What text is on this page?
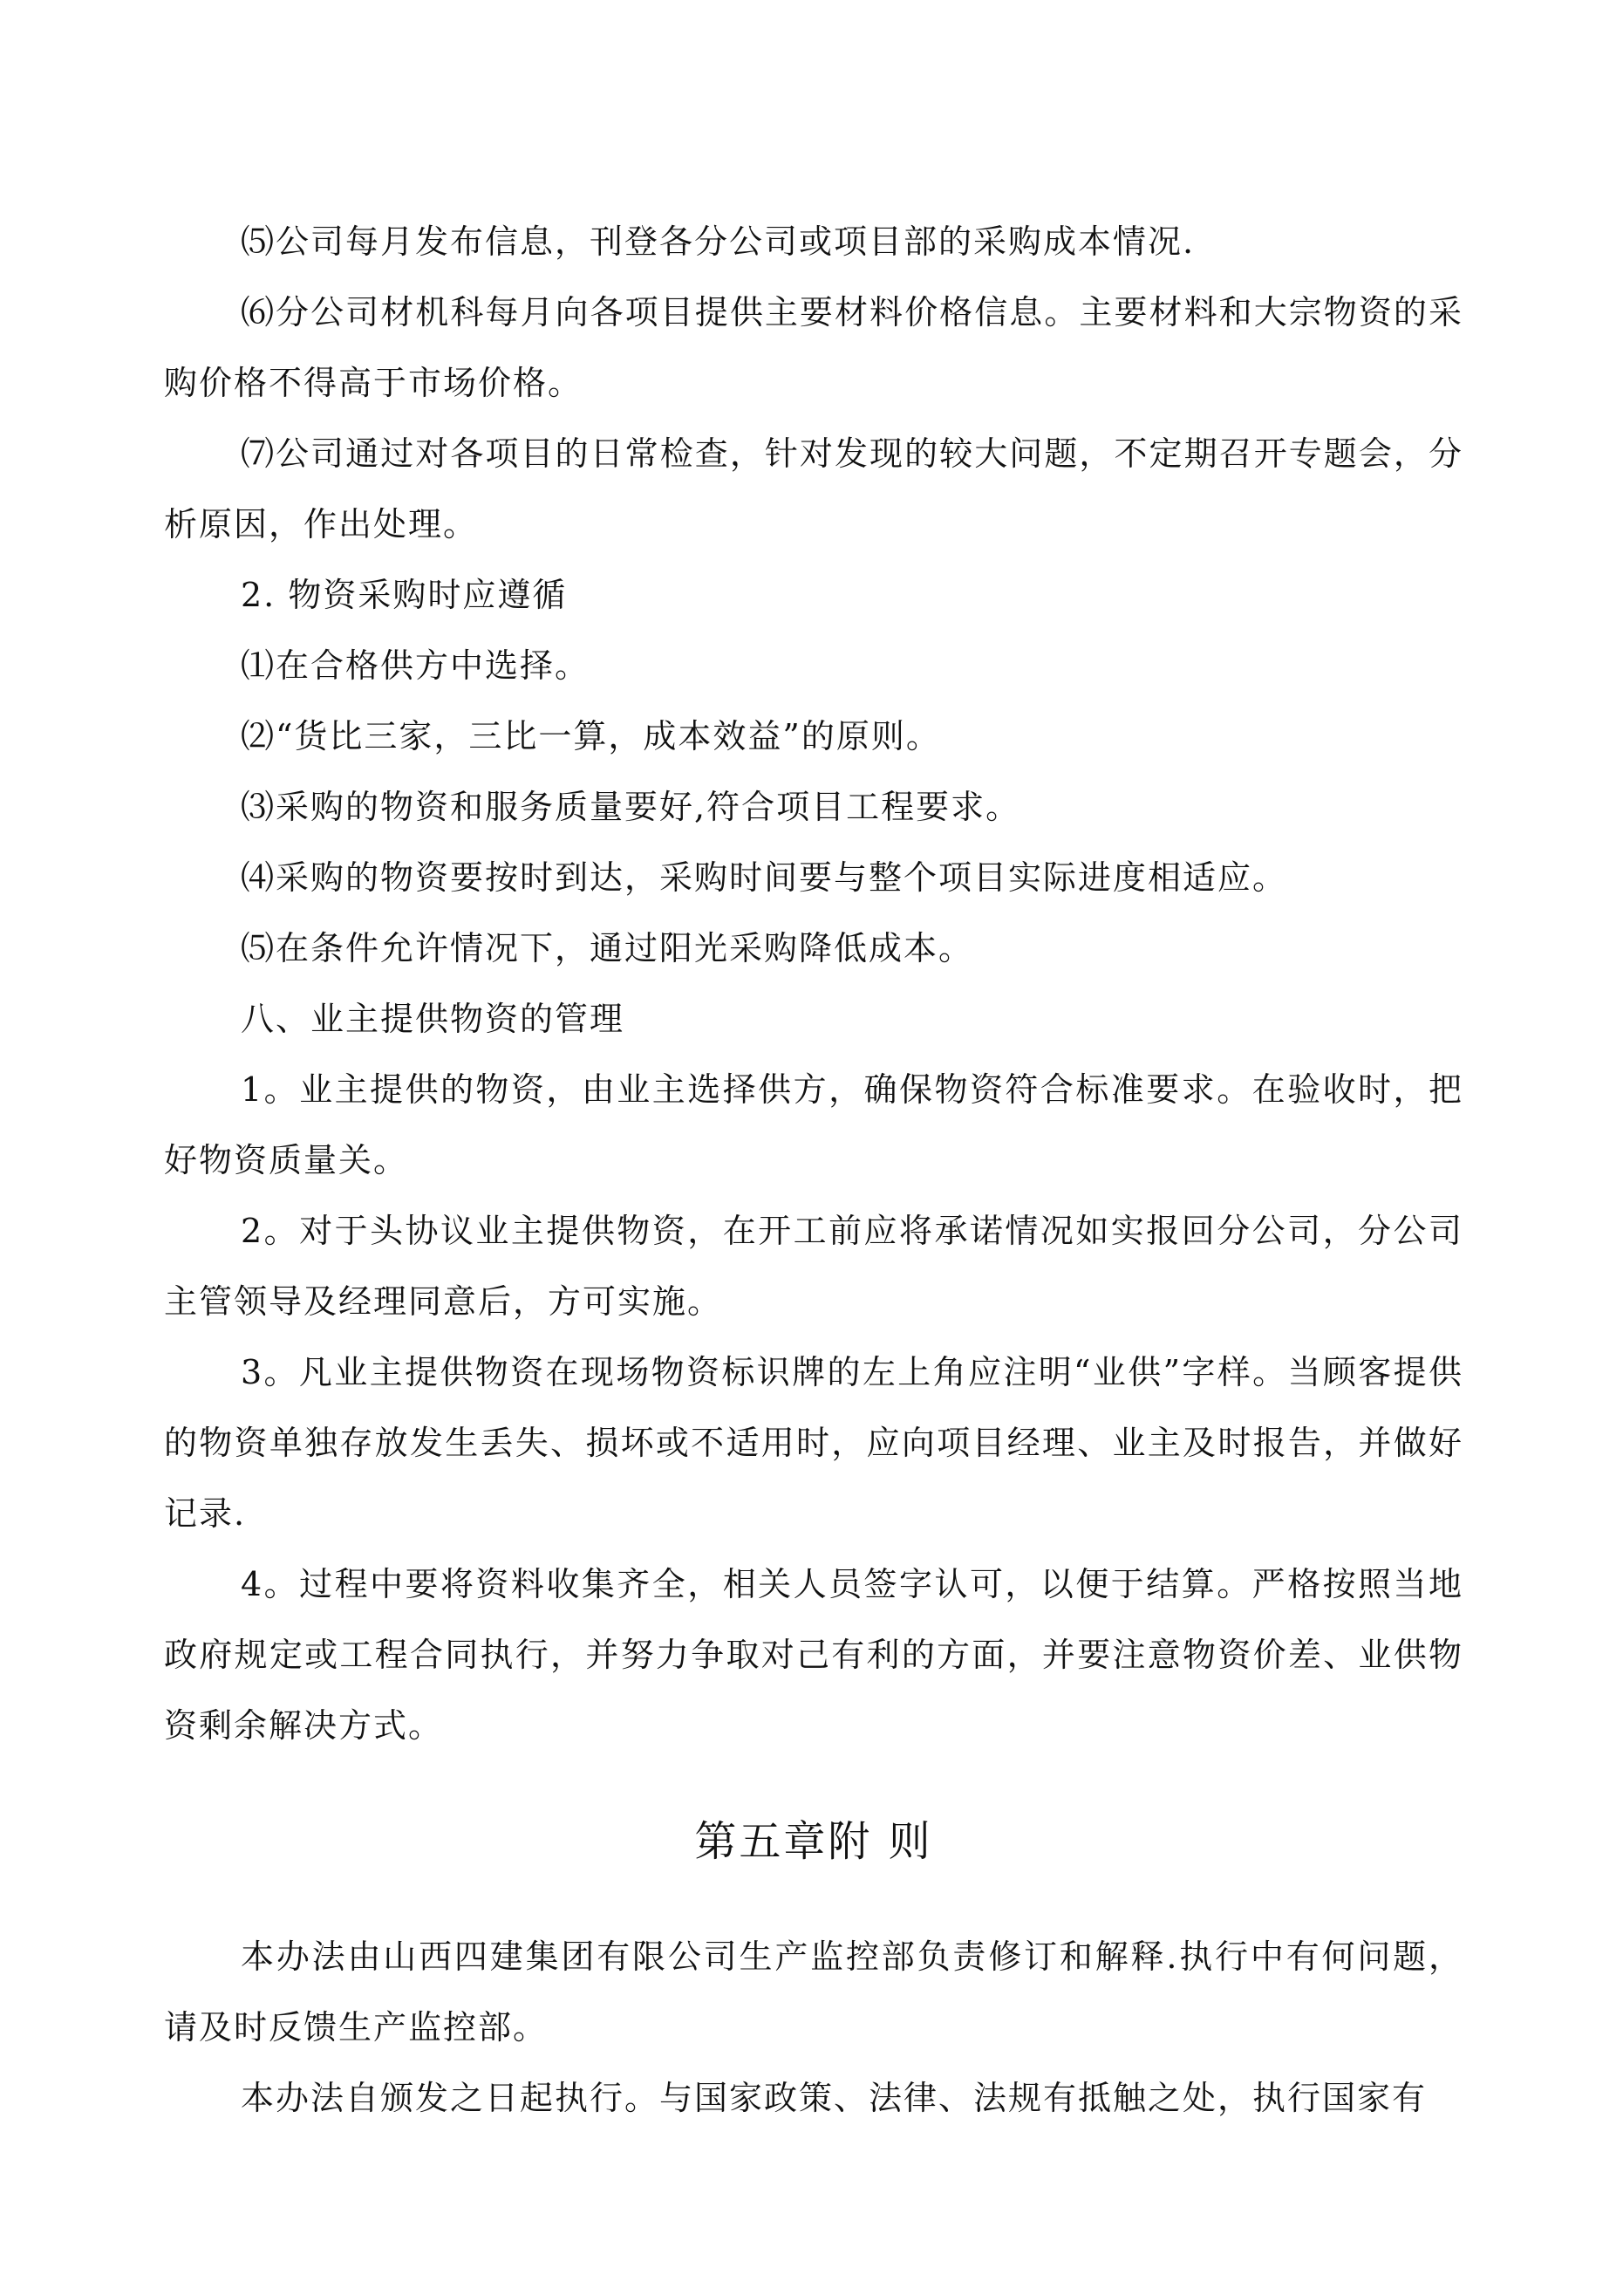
⑸公司每月发布信息，刊登各分公司或项目部的采购成本情况.

⑹分公司材机科每月向各项目提供主要材料价格信息。主要材料和大宗物资的采购价格不得高于市场价格。

⑺公司通过对各项目的日常检查，针对发现的较大问题，不定期召开专题会，分析原因，作出处理。

2. 物资采购时应遵循

⑴在合格供方中选择。

⑵“货比三家，三比一算，成本效益”的原则。

⑶采购的物资和服务质量要好,符合项目工程要求。

⑷采购的物资要按时到达，采购时间要与整个项目实际进度相适应。

⑸在条件允许情况下，通过阳光采购降低成本。

八、业主提供物资的管理

1。业主提供的物资，由业主选择供方，确保物资符合标准要求。在验收时，把好物资质量关。

2。对于头协议业主提供物资，在开工前应将承诺情况如实报回分公司，分公司主管领导及经理同意后，方可实施。

3。凡业主提供物资在现场物资标识牌的左上角应注明“业供”字样。当顾客提供的物资单独存放发生丢失、损坏或不适用时，应向项目经理、业主及时报告，并做好记录.

4。过程中要将资料收集齐全，相关人员签字认可，以便于结算。严格按照当地政府规定或工程合同执行，并努力争取对己有利的方面，并要注意物资价差、业供物资剩余解决方式。

第五章附 则

本办法由山西四建集团有限公司生产监控部负责修订和解释.执行中有何问题，请及时反馈生产监控部。

本办法自颁发之日起执行。与国家政策、法律、法规有抵触之处，执行国家有
